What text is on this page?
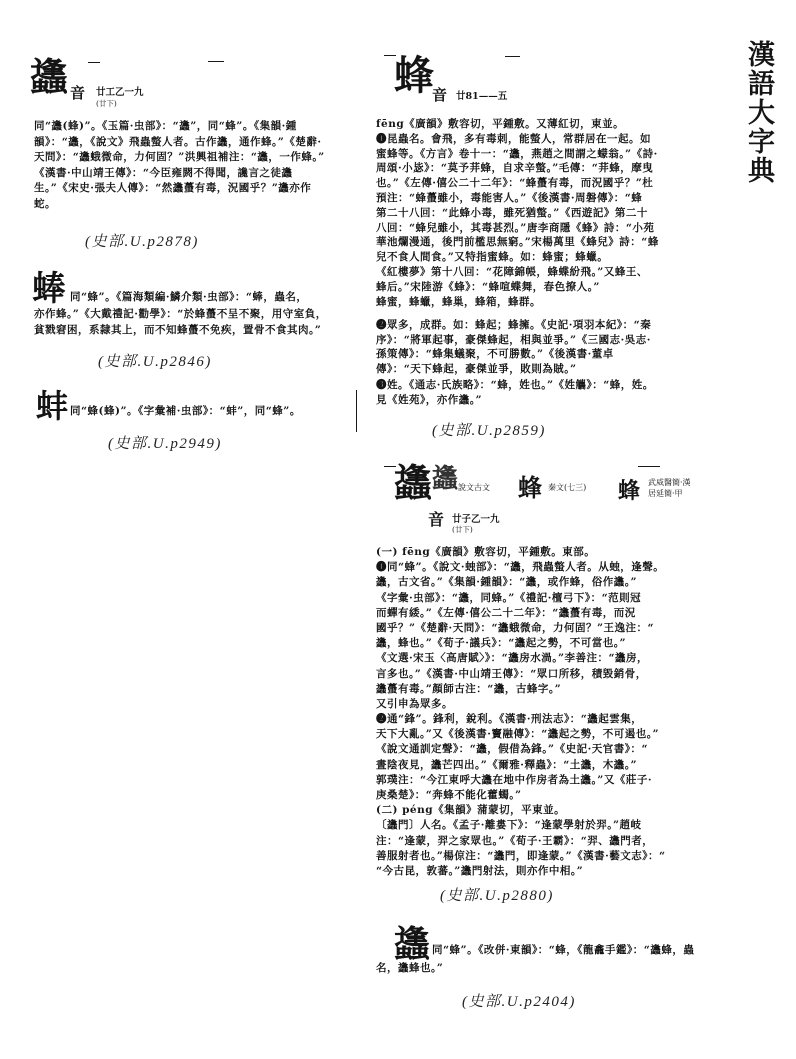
漢語大字典
蠭 音 廿工乙一九
(廿下)
同“蠭(蜂)”。《玉篇·虫部》：“蠭”，同“蜂”。《集韻·鍾
韻》：“蠭，《說文》飛蟲螫人者。古作蠭，通作蜂。”《楚辭·
天問》：“蠭蛾微命，力何固？”洪興祖補注：“蠭，一作蜂。”
《漢書·中山靖王傳》：“今臣雍閼不得聞，讒言之徒蠭
生。”《宋史·張夫人傳》：“然蠭蠆有毒，況國乎？”蠭亦作
蛇。
(史部.U.p2878)
蜯 同“蜂”。《篇海類編·鱗介類·虫部》：“蜯，蟲名，
亦作蜂。”《大戴禮記·勸學》：“於蜂蠆不呈不聚，用守室負，
貧戮窘困，系隸其上，而不知蜂蠆不免疾，置骨不食其肉。”
(史部.U.p2846)
蚌 同“蜂(蜂)”。《字彙補·虫部》：“蚌”，同“蜂”。
(史部.U.p2949)
蜂
音 廿81——五
fēng《廣韻》敷容切，平鍾敷。又薄紅切，東並。
❶昆蟲名。會飛，多有毒刺，能螫人，常群居在一起。如
蜜蜂等。《方言》卷十一：“蠭，燕趙之間謂之蠓翁。”《詩·
周頌·小毖》：“莫予荓蜂，自求辛螫。”毛傳：“荓蜂，摩曳
也。”《左傳·僖公二十二年》：“蜂蠆有毒，而況國乎？”杜
預注：“蜂蠆雖小，毒能害人。”《後漢書·周磐傳》：“蜂
第二十八回：“此蜂小毒，雖死猶螫。”《西遊記》第二十
八回：“蜂兒雖小，其毒甚烈。”唐李商隱《蜂》詩：“小苑
華池爛漫通，後門前檻思無窮。”宋楊萬里《蜂兒》詩：“蜂
兒不食人間食。”又特指蜜蜂。如：蜂蜜；蜂蠟。
《紅樓夢》第十八回：“花障錦帳，蜂蝶紛飛。”又蜂王、
蜂后。”宋陸游《蜂》：“蜂喧蝶舞，春色撩人。”
蜂蜜，蜂蠟，蜂巢，蜂箱，蜂群。
❷眾多，成群。如：蜂起；蜂擁。《史記·項羽本紀》：“秦
序》：“將軍起事，豪傑蜂起，相與並爭。”《三國志·吳志·
孫策傳》：“蜂集蟻聚，不可勝數。”《後漢書·董卓
傳》：“天下蜂起，豪傑並爭，敗則為賊。”
❸姓。《通志·氏族略》：“蜂，姓也。”《姓觿》：“蜂，姓。
見《姓苑》，亦作蠭。”
(史部.U.p2859)
蠭 蠭 說文古文 蜂 秦文(七三) 蜂 武威醫簡·漢
居延簡·甲
音 廿子乙一九
(廿下)
(一) fēng《廣韻》敷容切，平鍾敷。東部。
❶同“蜂”。《說文·䖵部》：“蠭，飛蟲螫人者。从䖵，逢聲。
蠭，古文省。”《集韻·鍾韻》：“蠭，或作蜂，俗作蠭。”
《字彙·虫部》：“蠭，同蜂。”《禮記·檀弓下》：“范則冠
而蟬有緌。”《左傳·僖公二十二年》：“蠭蠆有毒，而況
國乎？”《楚辭·天問》：“蠭蛾微命，力何固？”王逸注：“
蠭，蜂也。”《荀子·議兵》：“蠭起之勢，不可當也。”
《文選·宋玉〈高唐賦〉》：“蠭房水渦。”李善注：“蠭房，
言多也。”《漢書·中山靖王傳》：“眾口所移，積毀銷骨，
蠭蠆有毒。”顏師古注：“蠭，古蜂字。”
又引申為眾多。
❷通“鋒”。鋒利，銳利。《漢書·刑法志》：“蠭起雲集，
天下大亂。”又《後漢書·竇融傳》：“蠭起之勢，不可遏也。”
《說文通訓定聲》：“蠭，假借為鋒。”《史記·天官書》：“
晝陰夜見，蠭芒四出。”《爾雅·釋蟲》：“土蠭，木蠭。”
郭璞注：“今江東呼大蠭在地中作房者為土蠭。”又《莊子·
庚桑楚》：“奔蜂不能化藿蠋。”
(二) péng《集韻》蒲蒙切，平東並。
〔蠭門〕人名。《孟子·離婁下》：“逢蒙學射於羿。”趙岐
注：“逢蒙，羿之家眾也。”《荀子·王霸》：“羿、蠭門者，
善服射者也。”楊倞注：“蠭門，即逢蒙。”《漢書·藝文志》：“
“今古昆，敦蕃。”蠭門射法，則亦作中相。”
(史部.U.p2880)
蠭 同“蜂”。《改併·東韻》：“蜂，《龍龕手鑑》：“蠭蜂，蟲
名，蠭蜂也。”
(史部.U.p2404)
